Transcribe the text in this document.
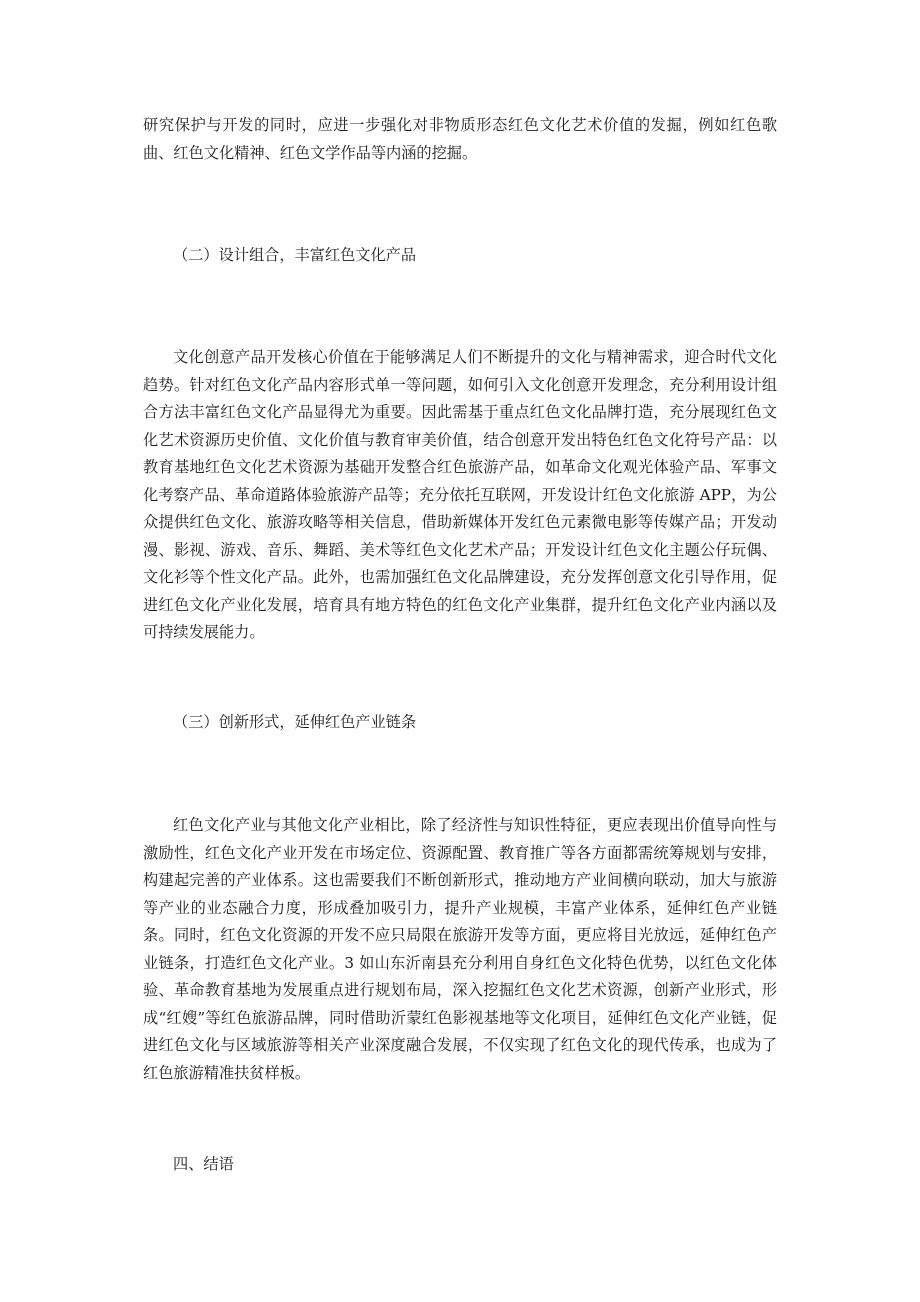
研究保护与开发的同时，应进一步强化对非物质形态红色文化艺术价值的发掘，例如红色歌曲、红色文化精神、红色文学作品等内涵的挖掘。

（二）设计组合，丰富红色文化产品

文化创意产品开发核心价值在于能够满足人们不断提升的文化与精神需求，迎合时代文化趋势。针对红色文化产品内容形式单一等问题，如何引入文化创意开发理念，充分利用设计组合方法丰富红色文化产品显得尤为重要。因此需基于重点红色文化品牌打造，充分展现红色文化艺术资源历史价值、文化价值与教育审美价值，结合创意开发出特色红色文化符号产品：以教育基地红色文化艺术资源为基础开发整合红色旅游产品，如革命文化观光体验产品、军事文化考察产品、革命道路体验旅游产品等；充分依托互联网，开发设计红色文化旅游 APP，为公众提供红色文化、旅游攻略等相关信息，借助新媒体开发红色元素微电影等传媒产品；开发动漫、影视、游戏、音乐、舞蹈、美术等红色文化艺术产品；开发设计红色文化主题公仔玩偶、文化衫等个性文化产品。此外，也需加强红色文化品牌建设，充分发挥创意文化引导作用，促进红色文化产业化发展，培育具有地方特色的红色文化产业集群，提升红色文化产业内涵以及可持续发展能力。

（三）创新形式，延伸红色产业链条

红色文化产业与其他文化产业相比，除了经济性与知识性特征，更应表现出价值导向性与激励性，红色文化产业开发在市场定位、资源配置、教育推广等各方面都需统筹规划与安排，构建起完善的产业体系。这也需要我们不断创新形式，推动地方产业间横向联动，加大与旅游等产业的业态融合力度，形成叠加吸引力，提升产业规模，丰富产业体系，延伸红色产业链条。同时，红色文化资源的开发不应只局限在旅游开发等方面，更应将目光放远，延伸红色产业链条，打造红色文化产业。3 如山东沂南县充分利用自身红色文化特色优势，以红色文化体验、革命教育基地为发展重点进行规划布局，深入挖掘红色文化艺术资源，创新产业形式，形成“红嫂”等红色旅游品牌，同时借助沂蒙红色影视基地等文化项目，延伸红色文化产业链，促进红色文化与区域旅游等相关产业深度融合发展，不仅实现了红色文化的现代传承，也成为了红色旅游精准扶贫样板。

四、结语
